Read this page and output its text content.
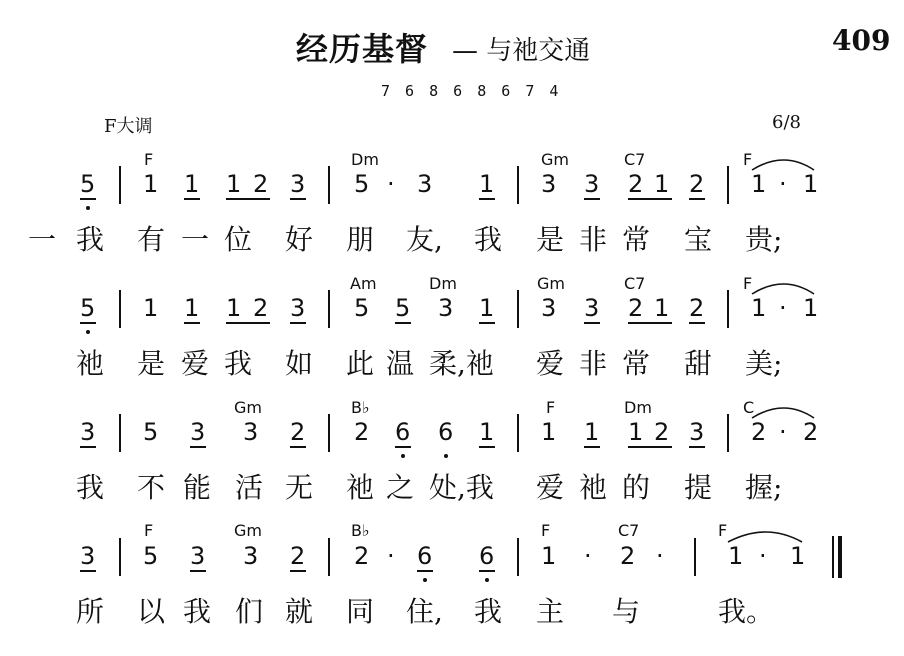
经历基督 — 与祂交通	409
7 6 8 6 8 6 7 4
F大调	6/8
F	Dm	Gm	C7	F
5 1 1 1 2 3 5 · 3 1 3 3 2 1 2 1 · 1
一 我 有 一 位 好 朋 友, 我 是 非 常 宝 贵;
Am	Dm	Gm	C7	F
5 1 1 1 2 3 5 5 3 1 3 3 2 1 2 1 · 1
祂 是 爱 我 如 此 温 柔,祂 爱 非 常 甜 美;
Gm	B♭	F	Dm	C
3 5 3 3 2 2 6 6 1 1 1 1 2 3 2 · 2
我 不 能 活 无 祂 之 处,我 爱 祂 的 提 握;
F	Gm	B♭	F	C7	F
3 5 3 3 2 2 · 6 6 1 · 2 ·	1 · 1
所 以 我 们 就 同 住, 我 主 与	我。
